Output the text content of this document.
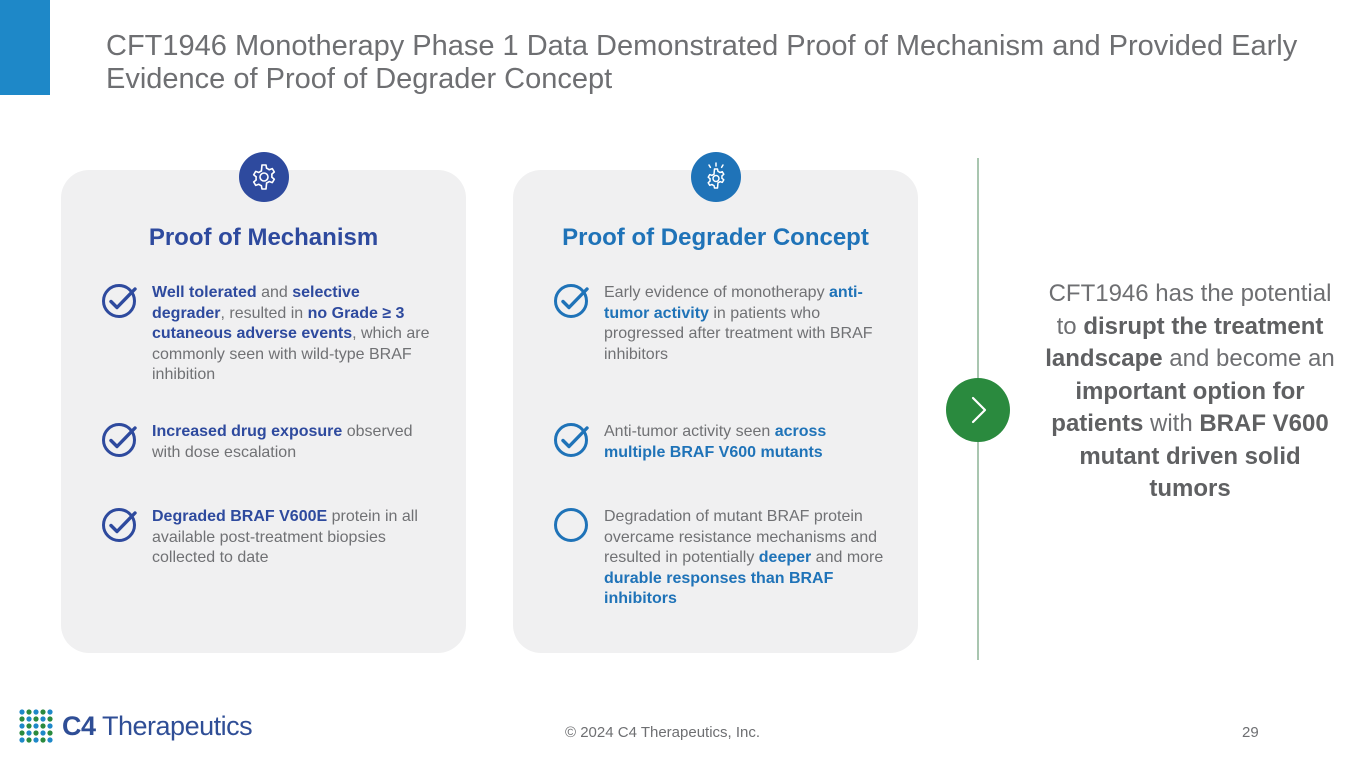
CFT1946 Monotherapy Phase 1 Data Demonstrated Proof of Mechanism and Provided Early Evidence of Proof of Degrader Concept
Proof of Mechanism
Well tolerated and selective degrader, resulted in no Grade ≥ 3 cutaneous adverse events, which are commonly seen with wild-type BRAF inhibition
Increased drug exposure observed with dose escalation
Degraded BRAF V600E protein in all available post-treatment biopsies collected to date
Proof of Degrader Concept
Early evidence of monotherapy anti-tumor activity in patients who progressed after treatment with BRAF inhibitors
Anti-tumor activity seen across multiple BRAF V600 mutants
Degradation of mutant BRAF protein overcame resistance mechanisms and resulted in potentially deeper and more durable responses than BRAF inhibitors
CFT1946 has the potential to disrupt the treatment landscape and become an important option for patients with BRAF V600 mutant driven solid tumors
C4 Therapeutics	© 2024 C4 Therapeutics, Inc.	29
